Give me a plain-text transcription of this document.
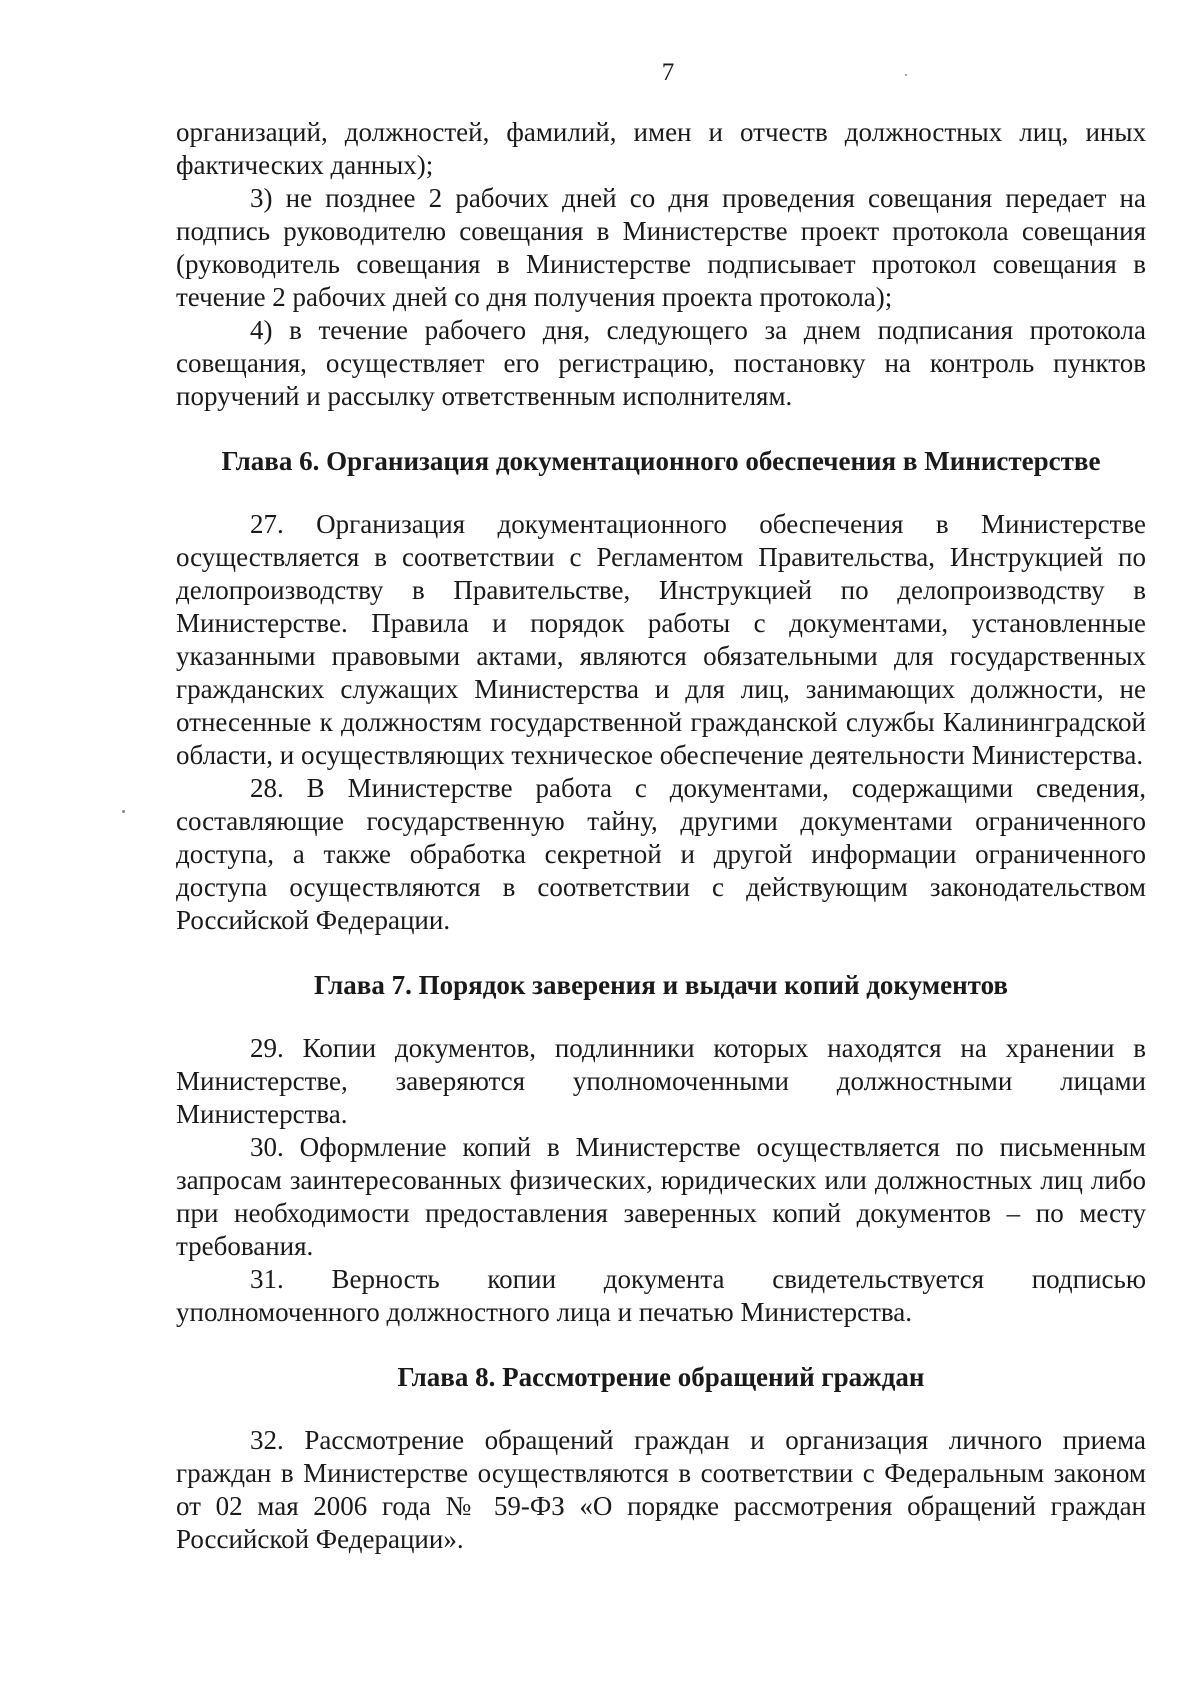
7

организаций, должностей, фамилий, имен и отчеств должностных лиц, иных фактических данных);

3) не позднее 2 рабочих дней со дня проведения совещания передает на подпись руководителю совещания в Министерстве проект протокола совещания (руководитель совещания в Министерстве подписывает протокол совещания в течение 2 рабочих дней со дня получения проекта протокола);

4) в течение рабочего дня, следующего за днем подписания протокола совещания, осуществляет его регистрацию, постановку на контроль пунктов поручений и рассылку ответственным исполнителям.

Глава 6. Организация документационного обеспечения в Министерстве

27. Организация документационного обеспечения в Министерстве осуществляется в соответствии с Регламентом Правительства, Инструкцией по делопроизводству в Правительстве, Инструкцией по делопроизводству в Министерстве. Правила и порядок работы с документами, установленные указанными правовыми актами, являются обязательными для государственных гражданских служащих Министерства и для лиц, занимающих должности, не отнесенные к должностям государственной гражданской службы Калининградской области, и осуществляющих техническое обеспечение деятельности Министерства.

28. В Министерстве работа с документами, содержащими сведения, составляющие государственную тайну, другими документами ограниченного доступа, а также обработка секретной и другой информации ограниченного доступа осуществляются в соответствии с действующим законодательством Российской Федерации.

Глава 7. Порядок заверения и выдачи копий документов

29. Копии документов, подлинники которых находятся на хранении в Министерстве, заверяются уполномоченными должностными лицами Министерства.

30. Оформление копий в Министерстве осуществляется по письменным запросам заинтересованных физических, юридических или должностных лиц либо при необходимости предоставления заверенных копий документов – по месту требования.

31. Верность копии документа свидетельствуется подписью уполномоченного должностного лица и печатью Министерства.

Глава 8. Рассмотрение обращений граждан

32. Рассмотрение обращений граждан и организация личного приема граждан в Министерстве осуществляются в соответствии с Федеральным законом от 02 мая 2006 года № 59-ФЗ «О порядке рассмотрения обращений граждан Российской Федерации».
